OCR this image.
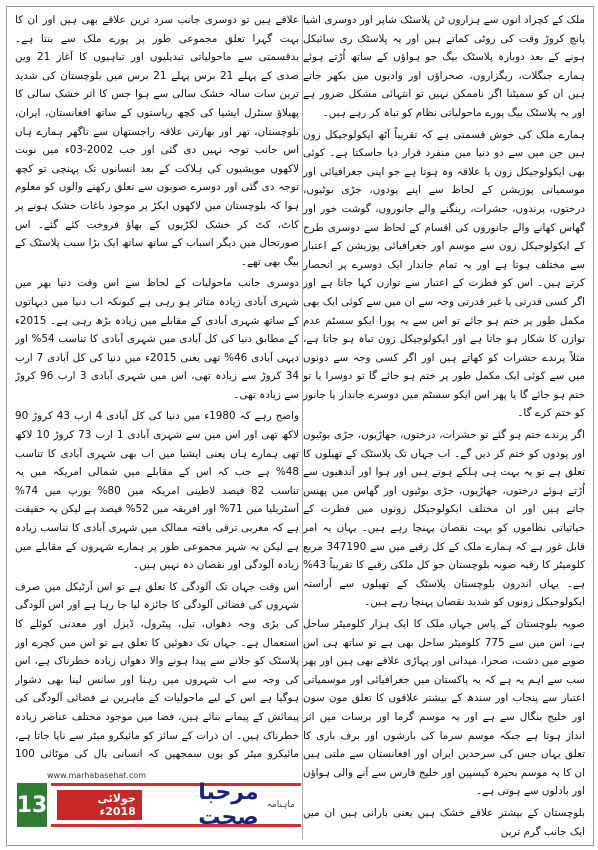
ملک کے کچراد انوں سے ہزاروں ٹن پلاسٹک شاپر اور دوسری اشیا پانچ کروڑ وقت کی روٹی کماتے ہیں اور یہ پلاسٹک ری سائیکل ہونے کے بعد دوبارہ پلاسٹک بیگ جو ہواؤں کے ساتھ اُڑتے ہوئے ہمارے جنگلات، ریگزاروں، صحراؤں اور وادیوں میں بکھر جاتے ہیں ان کو سمیٹنا اگر ناممکن نہیں تو انتہائی مشکل ضرور ہے اور یہ پلاسٹک بیگ پورے ماحولیاتی نظام کو تباہ کر رہے ہیں۔

ہمارے ملک کی خوش قسمتی ہے کہ تقریباً آٹھ ایکولوجیکل زون ہیں جن میں سے دو دنیا میں منفرد قرار دیا جاسکتا ہے۔ کوئی بھی ایکولوجیکل زون یا علاقہ وہ ہوتا ہے جو اپنی جغرافیائی اور موسمیاتی پوزیشن کے لحاظ سے اپنے پودوں، جڑی بوٹیوں، درختوں، پرندوں، حشرات، رینگنے والے جانوروں، گوشت خور اور گھاس کھانے والے جانوروں کی اقسام کے لحاظ سے دوسری طرح کے ایکولوجیکل زون سے موسم اور جغرافیائی پوزیشن کے اعتبار سے مختلف ہوتا ہے اور یہ تمام جاندار ایک دوسرے پر انحصار کرتے ہیں۔ اس کو فطرت کے اعتبار سے توازن کہا جاتا ہے اور اگر کسی قدرتی یا غیر قدرتی وجہ سے ان میں سے کوئی ایک بھی مکمل طور پر ختم ہو جائے تو اس سے یہ پورا ایکو سسٹم عدم توازن کا شکار ہو جاتا ہے اور ایکولوجیکل زون تباہ ہو جاتا ہے، مثلاً پرندے حشرات کو کھاتے ہیں اور اگر کسی وجہ سے دونوں میں سے کوئی ایک مکمل طور پر ختم ہو جائے گا تو دوسرا یا تو ختم ہو جائے گا یا پھر اس ایکو سسٹم میں دوسرے جاندار یا جانور کو ختم کرے گا۔

اگر پرندے ختم ہو گئے تو حشرات، درختوں، جھاڑیوں، جڑی بوٹیوں اور پودوں کو ختم کر دیں گے۔ اب جہاں تک پلاسٹک کے تھیلوں کا تعلق ہے تو یہ بہت ہی ہلکے ہوتے ہیں اور ہوا اور آندھیوں سے اُڑتے ہوئے درختوں، جھاڑیوں، جڑی بوٹیوں اور گھاس میں پھنس جاتے ہیں اور ان مختلف ایکولوجیکل زونوں میں فطرت کے حیاتیاتی نظاموں کو بہت نقصان پہنچا رہے ہیں۔ یہاں یہ امر قابل غور ہے کہ ہمارے ملک کے کل رقبے میں سے 347190 مربع کلومیٹر کا رقبہ صوبہ بلوچستان جو کل ملکی رقبے کا تقریباً 43% ہے۔ یہاں اندرون بلوچستان پلاسٹک کے تھیلوں سے آراستہ ایکولوجیکل زونوں کو شدید نقصان پہنچا رہے ہیں۔

صوبہ بلوچستان کے پاس جہاں ملک کا ایک ہزار کلومیٹر ساحل ہے، اس میں سے 775 کلومیٹر ساحل بھی ہے تو ساتھ ہی اس صوبے میں دشت، صحرا، میدانی اور پہاڑی علاقے بھی ہیں اور پھر سب سے اہم یہ ہے کہ یہ پاکستان میں جغرافیائی اور موسمیاتی اعتبار سے پنجاب اور سندھ کے بیشتر علاقوں کا تعلق مون سون اور خلیج بنگال سے ہے اور یہ موسم گرما اور برسات میں اثر انداز ہوتا ہے جبکہ موسم سرما کی بارشوں اور برف باری کا تعلق یہاں جس کی سرحدیں ایران اور افغانستان سے ملتی ہیں ان کا یہ موسم بحیرہ کیسپین اور خلیج فارس سے آنے والی ہواؤں اور بادلوں سے ہوتی ہے۔

بلوچستان کے بیشتر علاقے خشک ہیں یعنی بارانی ہیں ان میں ایک جانب گرم ترین

علاقے ہیں تو دوسری جانب سرد ترین علاقے بھی ہیں اور ان کا بہت گہرا تعلق مجموعی طور پر پورے ملک سے بنتا ہے۔ بدقسمتی سے ماحولیاتی تبدیلیوں اور تباہیوں کا آغاز 21 ویں صدی کے پہلے 21 برس پہلے 21 برس میں بلوچستان کی شدید ترین سات سالہ خشک سالی سے ہوا جس کا اثر خشک سالی کا پھیلاؤ سنٹرل ایشیا کی کچھ ریاستوں کے ساتھ افغانستان، ایران، بلوچستان، تھر اور بھارتی علاقہ راجستھان سے تاگھر ہمارے ہاں اس جانب توجہ نہیں دی گئی اور جب 2002-03ء میں نوبت لاکھوں مویشیوں کی ہلاکت کے بعد انسانوں تک پہنچی تو کچھ توجہ دی گئی اور دوسرے صوبوں سے تعلق رکھنے والوں کو معلوم ہوا کہ بلوچستان میں لاکھوں ایکڑ پر موجود باغات خشک ہونے پر کاٹ، کٹ کر خشک لکڑیوں کے بھاؤ فروخت کئے گئے۔ اس صورتحال میں دیگر اسباب کے ساتھ ساتھ ایک بڑا سبب پلاسٹک کے بیگ بھی تھے۔

دوسری جانب ماحولیات کے لحاظ سے اس وقت دنیا بھر میں شہری آبادی زیادہ متاثر ہو رہی ہے کیونکہ اب دنیا میں دیہاتوں کے ساتھ شہری آبادی کے مقابلے میں زیادہ بڑھ رہی ہے۔ 2015ء کے مطابق دنیا کی کل آبادی میں شہری آبادی کا تناسب 54% اور دیہی آبادی 46% تھی یعنی 2015ء میں دنیا کی کل آبادی 7 ارب 34 کروڑ سے زیادہ تھی، اس میں شہری آبادی 3 ارب 96 کروڑ سے زیادہ تھی۔

واضح رہے کہ 1980ء میں دنیا کی کل آبادی 4 ارب 43 کروڑ 90 لاکھ تھی اور اس میں سے شہری آبادی 1 ارب 73 کروڑ 10 لاکھ تھی ہمارے ہاں یعنی ایشیا میں اب بھی شہری آبادی کا تناسب 48% ہے جب کہ اس کے مقابلے میں شمالی امریکہ میں یہ تناسب 82 فیصد لاطینی امریکہ میں 80% یورپ میں 74% آسٹریلیا میں 71% اور افریقہ میں 52% فیصد ہے لیکن یہ حقیقت ہے کہ مغربی ترقی یافتہ ممالک میں شہری آبادی کا تناسب زیادہ ہے لیکن یہ شہر مجموعی طور پر ہمارے شہروں کے مقابلے میں زیادہ آلودگی اور نقصان دہ نہیں ہیں۔

اس وقت جہاں تک آلودگی کا تعلق ہے تو اس آرٹیکل میں صرف شہروں کی فضائی آلودگی کا جائزہ لیا جا رہا ہے اور اس آلودگی کی بڑی وجہ دھواں، تیل، پیٹرول، ڈیزل اور معدنی کوئلے کا استعمال ہے۔ جہاں تک دھوئیں کا تعلق ہے تو اس میں کچرے اور پلاسٹک کو جلانے سے پیدا ہونے والا دھواں زیادہ خطرناک ہے، اس کی وجہ سے اب شہروں میں رہنا اور سانس لینا بھی دشوار ہوگیا ہے اس کے لیے ماحولیات کے ماہرین نے فضائی آلودگی کی پیمائش کے پیمانے بنائے ہیں، فضا میں موجود مختلف عناصر زیادہ خطرناک ہیں۔ ان ذرات کے سائز کو مائیکرو میٹر سے ناپا جاتا ہے، مائیکرو میٹر کو یوں سمجھیں کہ انسانی بال کی موٹائی 100

www.marhabasehat.com
13	ماہنامہ
مرحبا صحت
جولائی 2018ء
